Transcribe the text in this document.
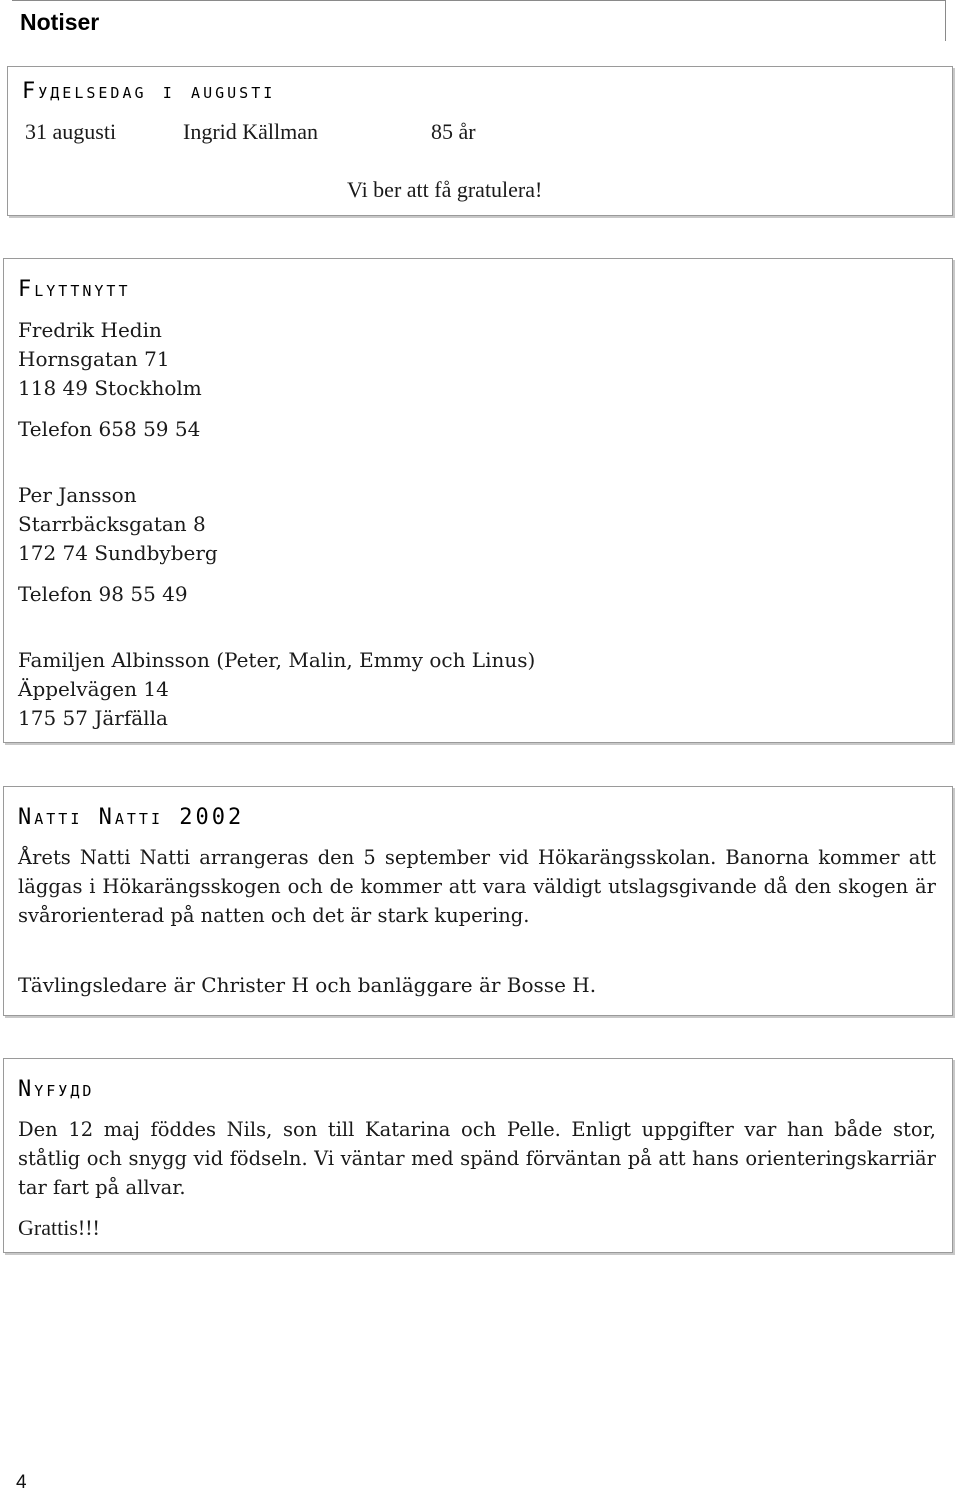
Notiser
Fудelsedag i augusti
31 augusti	Ingrid Källman	85 år
Vi ber att få gratulera!
Flyttnytt
Fredrik Hedin
Hornsgatan 71
118 49 Stockholm
Telefon 658 59 54
Per Jansson
Starrbäcksgatan 8
172 74 Sundbyberg
Telefon 98 55 49
Familjen Albinsson (Peter, Malin, Emmy och Linus)
Äppelvägen 14
175 57 Järfälla
Natti Natti 2002
Årets Natti Natti arrangeras den 5 september vid Hökarängsskolan. Banorna kommer att läggas i Hökarängsskogen och de kommer att vara väldigt utslagsgivande då den skogen är svårorienterad på natten och det är stark kupering.
Tävlingsledare är Christer H och banläggare är Bosse H.
Nyfудd
Den 12 maj föddes Nils, son till Katarina och Pelle. Enligt uppgifter var han både stor, ståtlig och snygg vid födseln. Vi väntar med spänd förväntan på att hans orienteringskarriär tar fart på allvar.
Grattis!!!
4
